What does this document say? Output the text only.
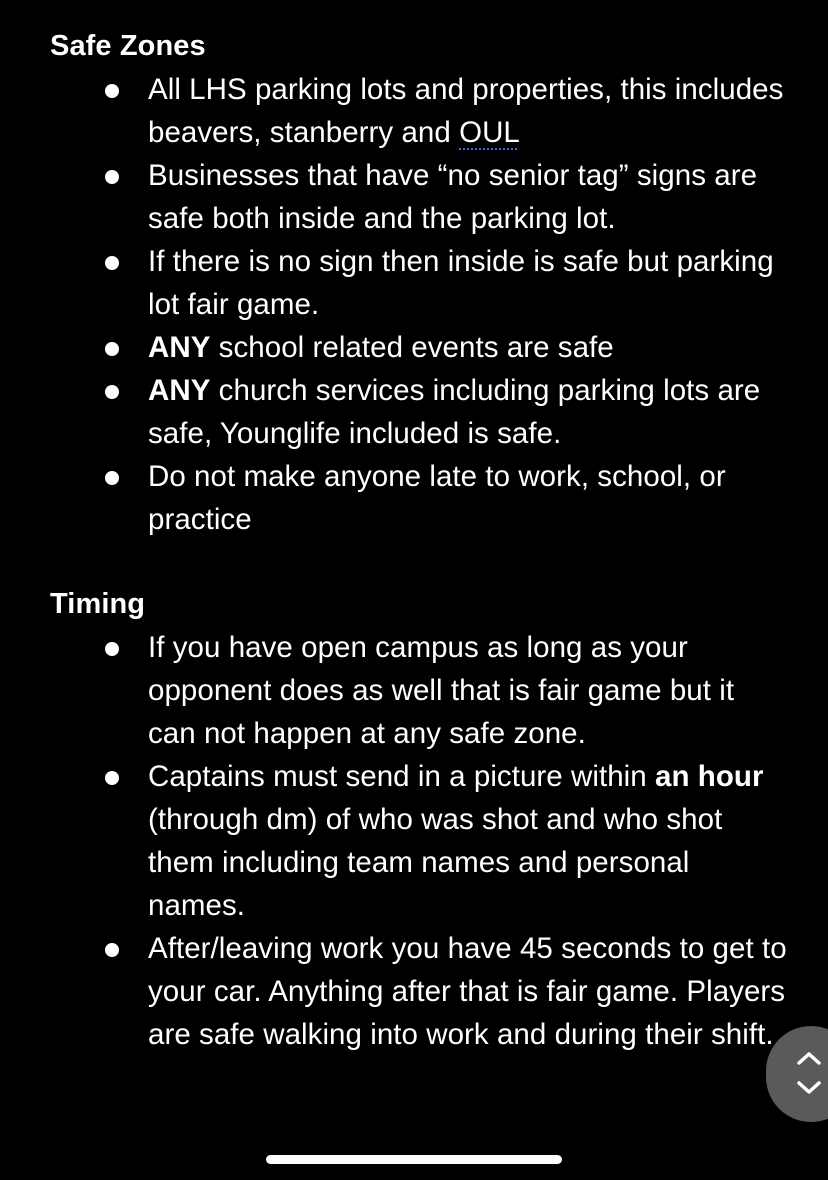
Safe Zones
All LHS parking lots and properties, this includes beavers, stanberry and OUL
Businesses that have “no senior tag” signs are safe both inside and the parking lot.
If there is no sign then inside is safe but parking lot fair game.
ANY school related events are safe
ANY church services including parking lots are safe, Younglife included is safe.
Do not make anyone late to work, school, or practice
Timing
If you have open campus as long as your opponent does as well that is fair game but it can not happen at any safe zone.
Captains must send in a picture within an hour (through dm) of who was shot and who shot them including team names and personal names.
After/leaving work you have 45 seconds to get to your car. Anything after that is fair game. Players are safe walking into work and during their shift.
